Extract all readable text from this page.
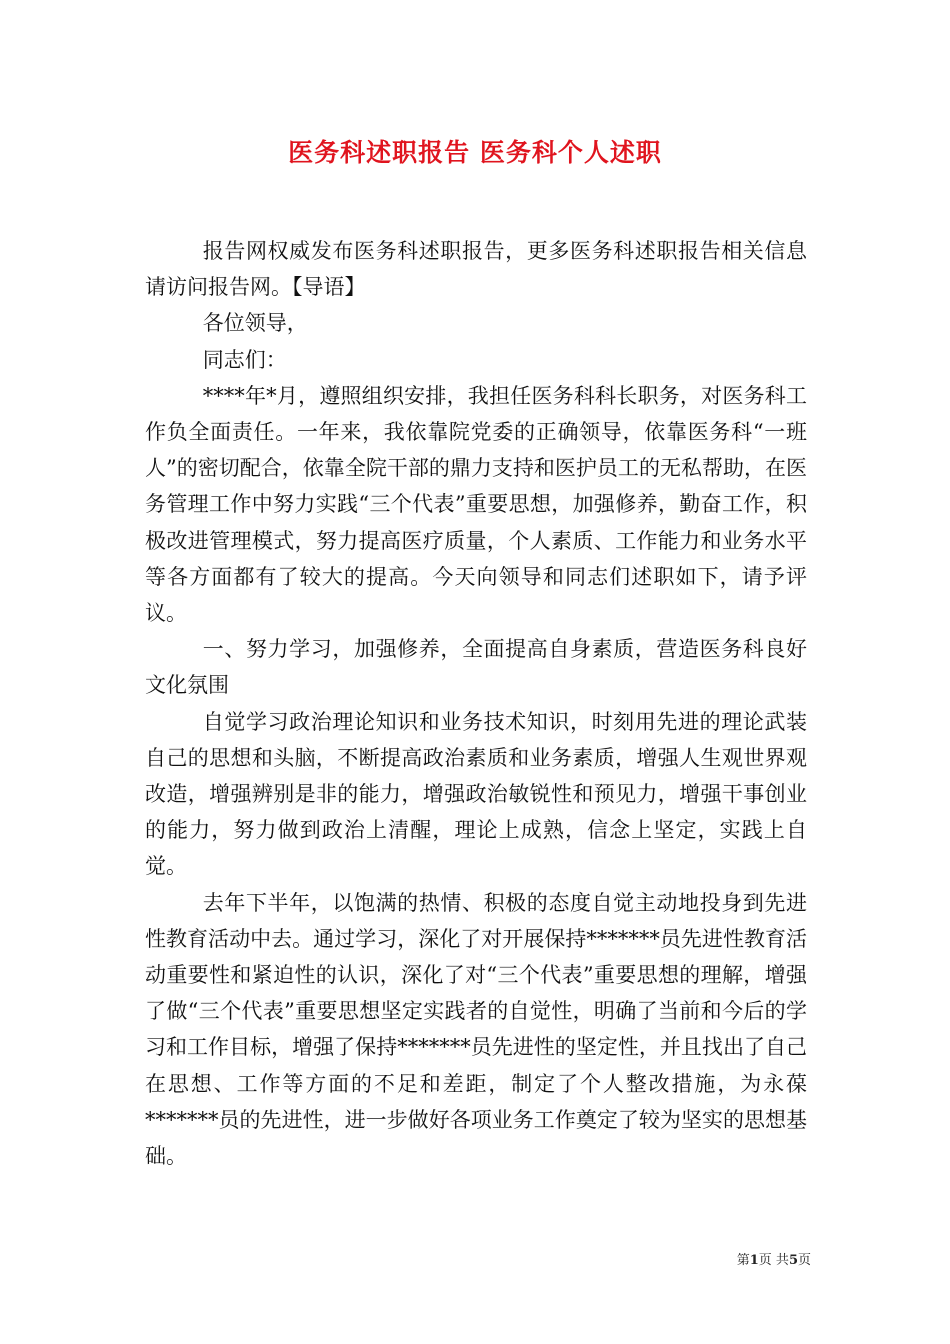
医务科述职报告 医务科个人述职

报告网权威发布医务科述职报告，更多医务科述职报告相关信息请访问报告网。【导语】

各位领导，

同志们：

****年*月，遵照组织安排，我担任医务科科长职务，对医务科工作负全面责任。一年来，我依靠院党委的正确领导，依靠医务科“一班人”的密切配合，依靠全院干部的鼎力支持和医护员工的无私帮助，在医务管理工作中努力实践“三个代表”重要思想，加强修养，勤奋工作，积极改进管理模式，努力提高医疗质量，个人素质、工作能力和业务水平等各方面都有了较大的提高。今天向领导和同志们述职如下，请予评议。

一、努力学习，加强修养，全面提高自身素质，营造医务科良好文化氛围

自觉学习政治理论知识和业务技术知识，时刻用先进的理论武装自己的思想和头脑，不断提高政治素质和业务素质，增强人生观世界观改造，增强辨别是非的能力，增强政治敏锐性和预见力，增强干事创业的能力，努力做到政治上清醒，理论上成熟，信念上坚定，实践上自觉。

去年下半年，以饱满的热情、积极的态度自觉主动地投身到先进性教育活动中去。通过学习，深化了对开展保持*******员先进性教育活动重要性和紧迫性的认识，深化了对“三个代表”重要思想的理解，增强了做“三个代表”重要思想坚定实践者的自觉性，明确了当前和今后的学习和工作目标，增强了保持*******员先进性的坚定性，并且找出了自己在思想、工作等方面的不足和差距，制定了个人整改措施，为永葆*******员的先进性，进一步做好各项业务工作奠定了较为坚实的思想基础。

第1页 共5页
